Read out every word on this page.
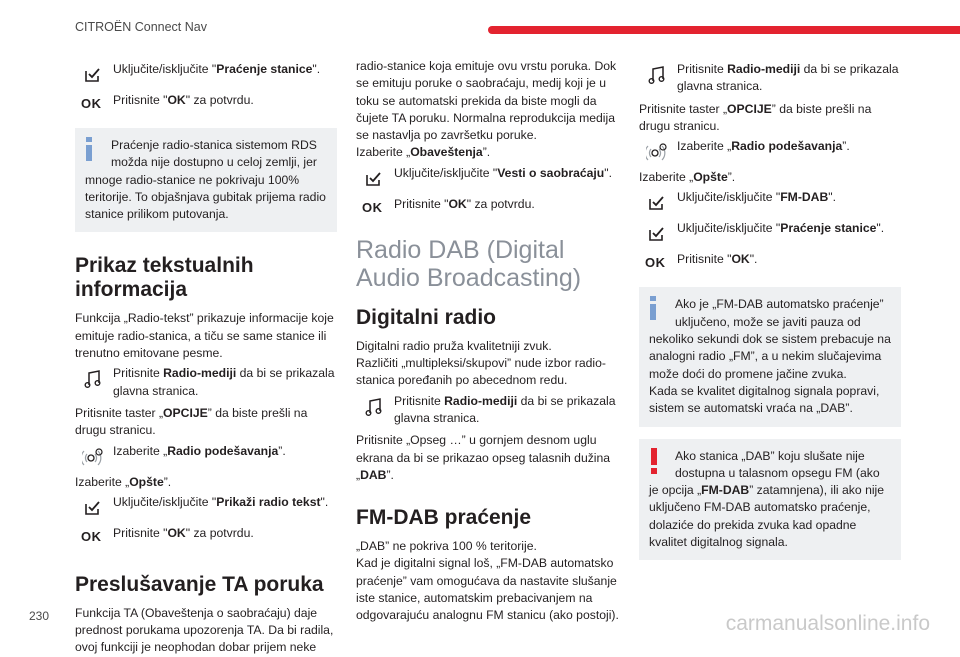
CITROËN Connect Nav
Uključite/isključite "Praćenje stanice".
OK Pritisnite "OK" za potvrdu.
Praćenje radio-stanica sistemom RDS možda nije dostupno u celoj zemlji, jer mnoge radio-stanice ne pokrivaju 100% teritorije. To objašnjava gubitak prijema radio stanice prilikom putovanja.
Prikaz tekstualnih informacija

Funkcija „Radio-tekst” prikazuje informacije koje emituje radio-stanica, a tiču se same stanice ili trenutno emitovane pesme.

Pritisnite Radio-mediji da bi se prikazala glavna stranica.

Pritisnite taster „OPCIJE” da biste prešli na drugu stranicu.

Izaberite „Radio podešavanja”.

Izaberite „Opšte”.

Uključite/isključite "Prikaži radio tekst".
OK Pritisnite "OK" za potvrdu.
Preslušavanje TA poruka

Funkcija TA (Obaveštenja o saobraćaju) daje prednost porukama upozorenja TA. Da bi radila, ovoj funkciji je neophodan dobar prijem neke

radio-stanice koja emituje ovu vrstu poruka. Dok se emituju poruke o saobraćaju, medij koji je u toku se automatski prekida da biste mogli da čujete TA poruku. Normalna reprodukcija medija se nastavlja po završetku poruke.

Izaberite „Obaveštenja”.

Uključite/isključite "Vesti o saobraćaju".
OK Pritisnite "OK" za potvrdu.
Radio DAB (Digital Audio Broadcasting)
Digitalni radio

Digitalni radio pruža kvalitetniji zvuk.

Različiti „multipleksi/skupovi” nude izbor radio-stanica poređanih po abecednom redu.

Pritisnite Radio-mediji da bi se prikazala glavna stranica.

Pritisnite „Opseg …” u gornjem desnom uglu ekrana da bi se prikazao opseg talasnih dužina „DAB”.

FM-DAB praćenje

„DAB” ne pokriva 100 % teritorije.

Kad je digitalni signal loš, „FM-DAB automatsko praćenje” vam omogućava da nastavite slušanje iste stanice, automatskim prebacivanjem na odgovarajuću analognu FM stanicu (ako postoji).

Pritisnite Radio-mediji da bi se prikazala glavna stranica.

Pritisnite taster „OPCIJE” da biste prešli na drugu stranicu.

Izaberite „Radio podešavanja”.

Izaberite „Opšte”.

Uključite/isključite "FM-DAB".
Uključite/isključite "Praćenje stanice".
OK Pritisnite "OK".
Ako je „FM-DAB automatsko praćenje” uključeno, može se javiti pauza od nekoliko sekundi dok se sistem prebacuje na analogni radio „FM”, a u nekim slučajevima može doći do promene jačine zvuka.
Kada se kvalitet digitalnog signala popravi, sistem se automatski vraća na „DAB”.
Ako stanica „DAB” koju slušate nije dostupna u talasnom opsegu FM (ako je opcija „FM-DAB” zatamnjena), ili ako nije uključeno FM-DAB automatsko praćenje, dolaziće do prekida zvuka kad opadne kvalitet digitalnog signala.
230	carmanualsonline.info
